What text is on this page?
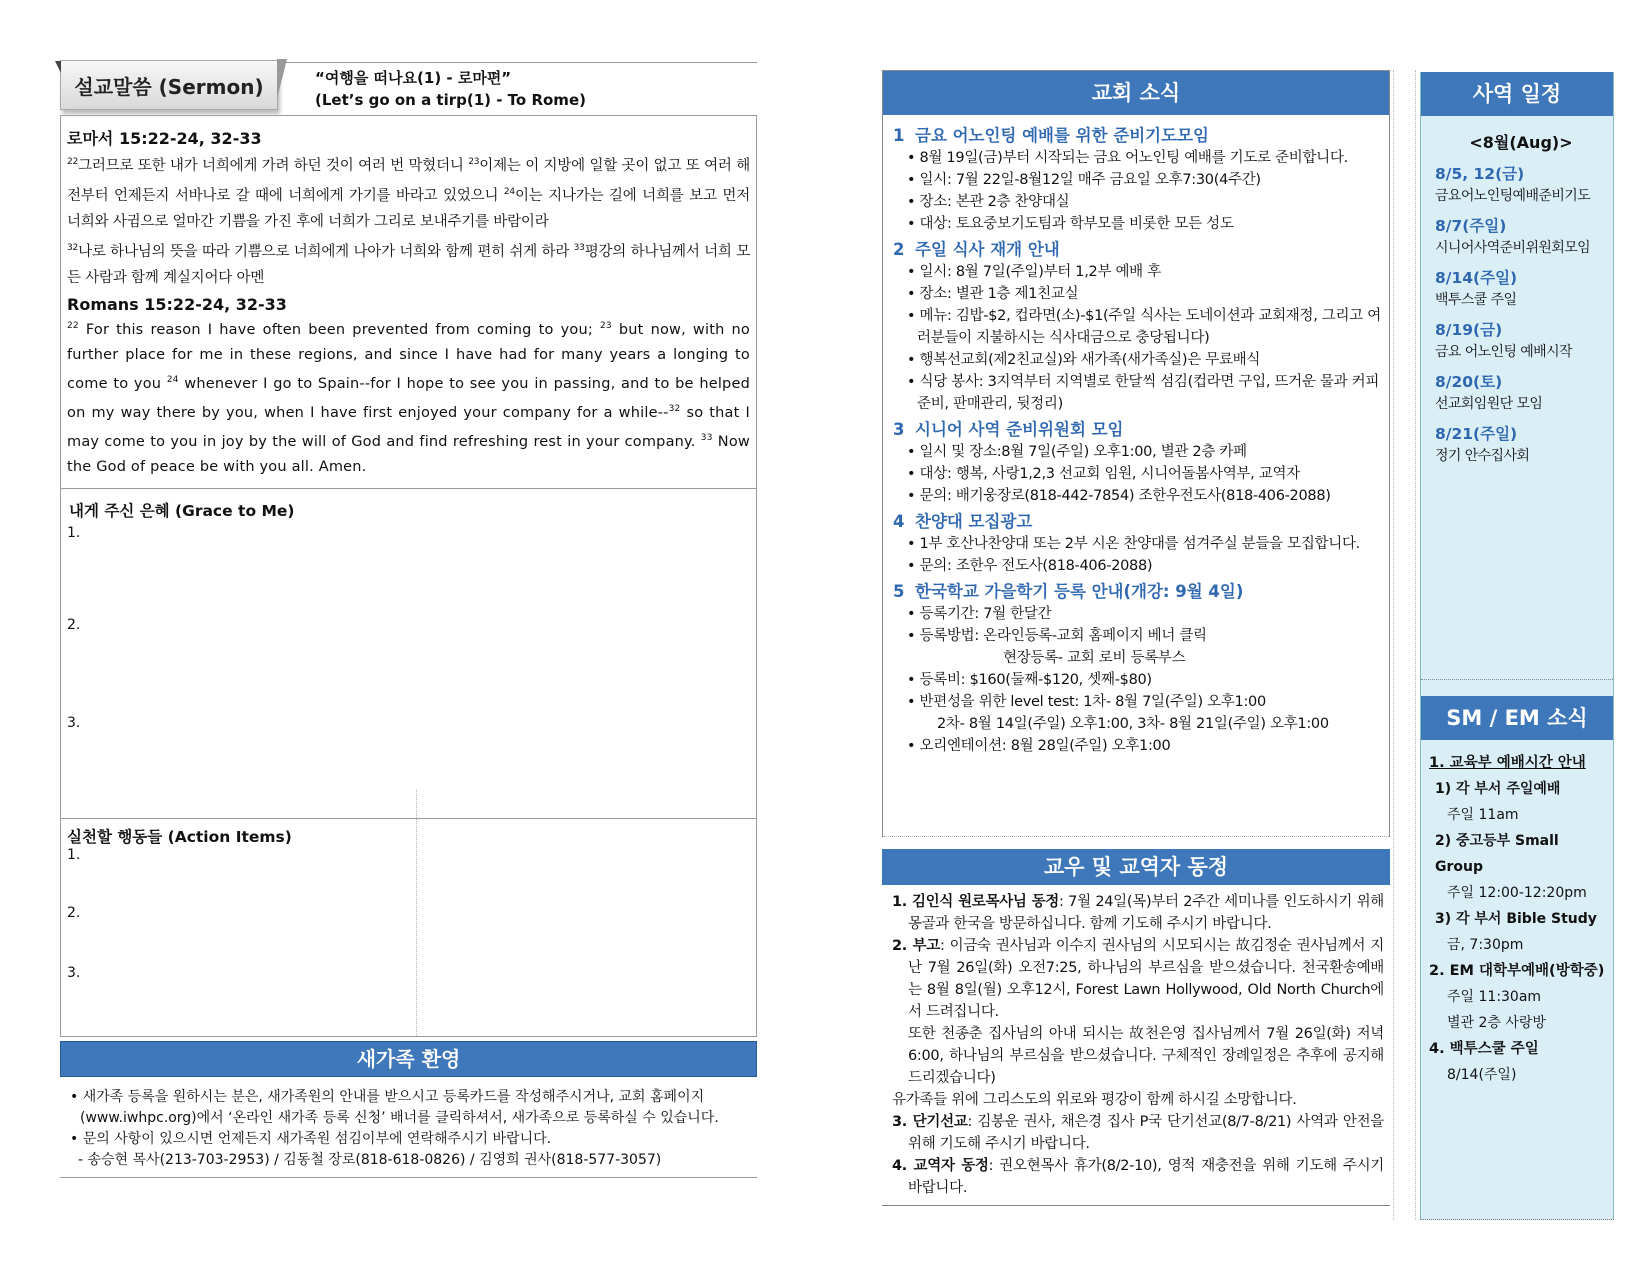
설교말씀 (Sermon)	“여행을 떠나요(1) - 로마편”
(Let’s go on a tirp(1) - To Rome)
로마서 15:22-24, 32-33

$^{22}$그러므로 또한 내가 너희에게 가려 하던 것이 여러 번 막혔더니 $^{23}$이제는 이 지방에 일할 곳이 없고 또 여러 해 전부터 언제든지 서바나로 갈 때에 너희에게 가기를 바라고 있었으니 $^{24}$이는 지나가는 길에 너희를 보고 먼저 너희와 사귐으로 얼마간 기쁨을 가진 후에 너희가 그리로 보내주기를 바람이라

$^{32}$나로 하나님의 뜻을 따라 기쁨으로 너희에게 나아가 너희와 함께 편히 쉬게 하라 $^{33}$평강의 하나님께서 너희 모든 사람과 함께 계실지어다 아멘

Romans 15:22-24, 32-33

$^{22}$ For this reason I have often been prevented from coming to you; $^{23}$ but now, with no further place for me in these regions, and since I have had for many years a longing to come to you $^{24}$ whenever I go to Spain--for I hope to see you in passing, and to be helped on my way there by you, when I have first enjoyed your company for a while--$^{32}$ so that I may come to you in joy by the will of God and find refreshing rest in your company. $^{33}$ Now the God of peace be with you all. Amen.

내게 주신 은혜 (Grace to Me)
1.
2.
3.
실천할 행동들 (Action Items)
1.
2.
3.
새가족 환영
• 새가족 등록을 원하시는 분은, 새가족원의 안내를 받으시고 등록카드를 작성해주시거나, 교회 홈페이지 (www.iwhpc.org)에서 ‘온라인 새가족 등록 신청’ 배너를 클릭하셔서, 새가족으로 등록하실 수 있습니다.
• 문의 사항이 있으시면 언제든지 새가족원 섬김이부에 연락해주시기 바랍니다.
- 송승현 목사(213-703-2953) / 김동철 장로(818-618-0826) / 김영희 권사(818-577-3057)
교회 소식
1 금요 어노인팅 예배를 위한 준비기도모임
• 8월 19일(금)부터 시작되는 금요 어노인팅 예배를 기도로 준비합니다.
• 일시: 7월 22일-8월12일 매주 금요일 오후7:30(4주간)
• 장소: 본관 2층 찬양대실
• 대상: 토요중보기도팀과 학부모를 비롯한 모든 성도
2 주일 식사 재개 안내
• 일시: 8월 7일(주일)부터 1,2부 예배 후
• 장소: 별관 1층 제1친교실
• 메뉴: 김밥-$2, 컵라면(소)-$1(주일 식사는 도네이션과 교회재정, 그리고 여러분들이 지불하시는 식사대금으로 충당됩니다)
• 행복선교회(제2친교실)와 새가족(새가족실)은 무료배식
• 식당 봉사: 3지역부터 지역별로 한달씩 섬김(컵라면 구입, 뜨거운 물과 커피 준비, 판매관리, 뒷정리)
3 시니어 사역 준비위원회 모임
• 일시 및 장소:8월 7일(주일) 오후1:00, 별관 2층 카페
• 대상: 행복, 사랑1,2,3 선교회 임원, 시니어돌봄사역부, 교역자
• 문의: 배기웅장로(818-442-7854) 조한우전도사(818-406-2088)
4 찬양대 모집광고
• 1부 호산나찬양대 또는 2부 시온 찬양대를 섬겨주실 분들을 모집합니다.
• 문의: 조한우 전도사(818-406-2088)
5 한국학교 가을학기 등록 안내(개강: 9월 4일)
• 등록기간: 7월 한달간
• 등록방법: 온라인등록-교회 홈페이지 베너 클릭
현장등록- 교회 로비 등록부스
• 등록비: $160(둘째-$120, 셋째-$80)
• 반편성을 위한 level test: 1차- 8월 7일(주일) 오후1:00
2차- 8월 14일(주일) 오후1:00, 3차- 8월 21일(주일) 오후1:00
• 오리엔테이션: 8월 28일(주일) 오후1:00
교우 및 교역자 동정
1. 김인식 원로목사님 동정: 7월 24일(목)부터 2주간 세미나를 인도하시기 위해 몽골과 한국을 방문하십니다. 함께 기도해 주시기 바랍니다.
2. 부고: 이금숙 권사님과 이수지 권사님의 시모되시는 故김정순 권사님께서 지난 7월 26일(화) 오전7:25, 하나님의 부르심을 받으셨습니다. 천국환송예배는 8월 8일(월) 오후12시, Forest Lawn Hollywood, Old North Church에서 드려집니다.
또한 천종춘 집사님의 아내 되시는 故천은영 집사님께서 7월 26일(화) 저녁6:00, 하나님의 부르심을 받으셨습니다. 구체적인 장례일정은 추후에 공지해 드리겠습니다)
유가족들 위에 그리스도의 위로와 평강이 함께 하시길 소망합니다.
3. 단기선교: 김봉운 권사, 채은경 집사 P국 단기선교(8/7-8/21) 사역과 안전을 위해 기도해 주시기 바랍니다.
4. 교역자 동정: 권오현목사 휴가(8/2-10), 영적 재충전을 위해 기도해 주시기 바랍니다.
사역 일정
<8월(Aug)>
8/5, 12(금)
금요어노인팅예배준비기도
8/7(주일)
시니어사역준비위원회모임
8/14(주일)
백투스쿨 주일
8/19(금)
금요 어노인팅 예배시작
8/20(토)
선교회임원단 모임
8/21(주일)
정기 안수집사회
SM / EM 소식
1. 교육부 예배시간 안내
1) 각 부서 주일예배
주일 11am
2) 중고등부 Small Group
주일 12:00-12:20pm
3) 각 부서 Bible Study
금, 7:30pm
2. EM 대학부예배(방학중)
주일 11:30am
별관 2층 사랑방
4. 백투스쿨 주일
8/14(주일)
